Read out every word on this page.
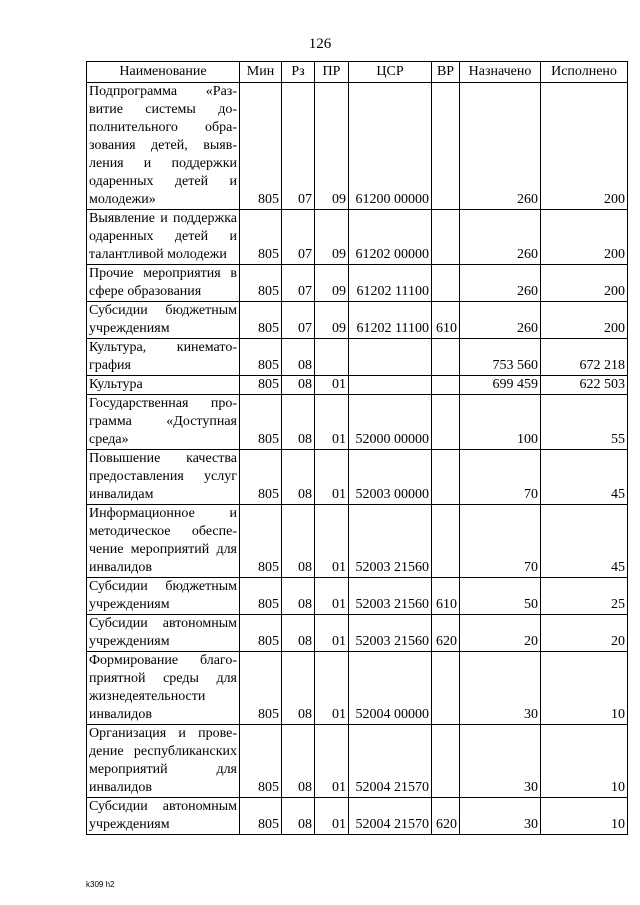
126
Наименование	Мин	Рз	ПР	ЦСР	ВР	Назначено	Исполнено
Подпрограмма «Развитие системы дополнительного образования детей, выявления и поддержки одаренных детей и молодежи»	805	07	09	61200 00000		260	200
Выявление и поддержка одаренных детей и талантливой молодежи	805	07	09	61202 00000		260	200
Прочие мероприятия в сфере образования	805	07	09	61202 11100		260	200
Субсидии бюджетным учреждениям	805	07	09	61202 11100	610	260	200
Культура, кинематография	805	08				753 560	672 218
Культура	805	08	01			699 459	622 503
Государственная программа «Доступная среда»	805	08	01	52000 00000		100	55
Повышение качества предоставления услуг инвалидам	805	08	01	52003 00000		70	45
Информационное и методическое обеспечение мероприятий для инвалидов	805	08	01	52003 21560		70	45
Субсидии бюджетным учреждениям	805	08	01	52003 21560	610	50	25
Субсидии автономным учреждениям	805	08	01	52003 21560	620	20	20
Формирование благоприятной среды для жизнедеятельности инвалидов	805	08	01	52004 00000		30	10
Организация и проведение республиканских мероприятий для инвалидов	805	08	01	52004 21570		30	10
Субсидии автономным учреждениям	805	08	01	52004 21570	620	30	10
k309 h2
